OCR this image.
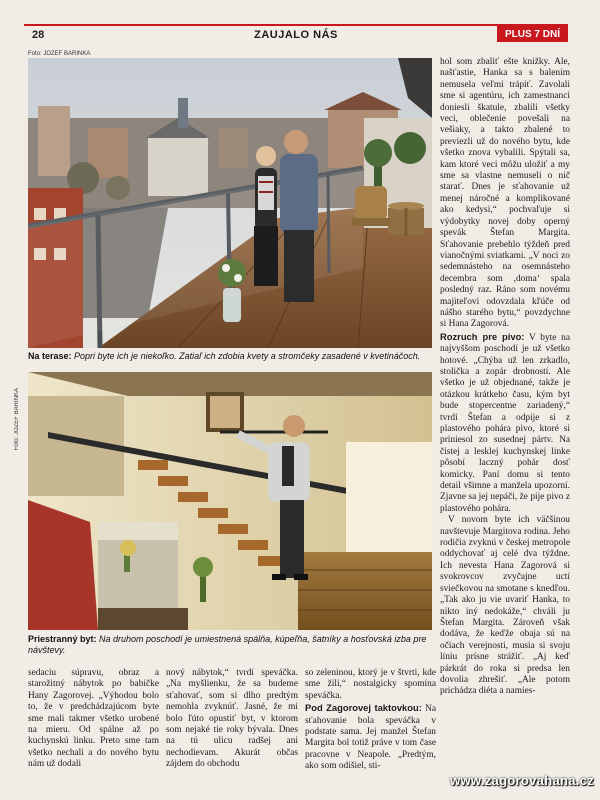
28	ZAUJALO NÁS	PLUS 7 DNÍ
Foto: JOZEF BARINKA
Foto: JOZEF BARINKA
Na terase: Popri byte ich je niekoľko. Zatiaľ ich zdobia kvety a stromčeky zasadené v kvetináčoch.
Priestranný byt: Na druhom poschodí je umiestnená spálňa, kúpeľňa, šatníky a hosťovská izba pre návštevy.

hol som zbaliť ešte knižky. Ale, našťastie, Hanka sa s balením nemusela veľmi trápiť. Zavolali sme si agentúru, ich zamestnanci doniesli škatule, zbalili všetky veci, oblečenie povešali na vešiaky, a takto zbalené to previezli už do nového bytu, kde všetko znova vybalili. Spýtali sa, kam ktoré veci môžu uložiť a my sme sa vlastne nemuseli o nič starať. Dnes je sťahovanie už menej náročné a komplikované ako kedysi,“ pochvaľuje si výdobytky novej doby operný spevák Štefan Margita. Sťahovanie prebehlo týždeň pred vianočnými sviatkami. „V noci zo sedemnásteho na osemnásteho decembra som ,doma‘ spala posledný raz. Ráno som novému majiteľovi odovzdala kľúče od nášho starého bytu,“ povzdychne si Hana Zagorová.

Rozruch pre pivo: V byte na najvyššom poschodí je už všetko hotové. „Chýba už len zrkadlo, stolička a zopár drobností. Ale všetko je už objednané, takže je otázkou krátkeho času, kým byt bude stopercentne zariadený,“ tvrdí Štefan a odpije si z plastového pohára pivo, ktoré si priniesol zo susednej pártv. Na čistej a lesklej kuchynskej linke pôsobí laczný pohár dosť komicky. Paní domu si tento detail všimne a manžela upozorní. Zjavne sa jej nepáči, že pije pivo z plastového pohára.

V novom byte ich väčšinou navštevuje Margitova rodina. Jeho rodičia zvyknú v českej metropole oddychovať aj celé dva týždne. Ich nevesta Hana Zagorová si svokrovcov zvyčajne uctí sviečkovou na smotane s knedľou. „Tak ako ju vie uvariť Hanka, to nikto iný nedokáže,“ chváli ju Štefan Margita. Zároveň však dodáva, že keďže obaja sú na očiach verejnosti, musia si svoju líniu prísne strážiť. „Aj keď párkrát do roka si predsa len dovolia zhrešiť. „Ale potom prichádza diéta a namies-

sedaciu súpravu, obraz a starožitný nábytok po babičke Hany Zagorovej. „Výhodou bolo to, že v predchádzajúcom byte sme mali takmer všetko urobené na mieru. Od spálne až po kuchynskú linku. Preto sme tam všetko nechali a do nového bytu nám už dodali

nový nábytok,“ tvrdí speváčka. „Na myšlienku, že sa budeme sťahovať, som si dlho predtým nemohla zvyknúť. Jasné, že mi bolo ľúto opustiť byt, v ktorom som nejaké tie roky bývala. Dnes na tú ulicu radšej ani nechodievam. Akurát občas zájdem do obchodu

so zeleninou, ktorý je v štvrti, kde sme žili,“ nostalgicky spomína speváčka.

Pod Zagorovej taktovkou: Na sťahovanie bola speváčka v podstate sama. Jej manžel Štefan Margita bol totiž práve v tom čase pracovne v Neapole. „Predtým, ako som odišiel, sti-

www.zagorovahana.cz
